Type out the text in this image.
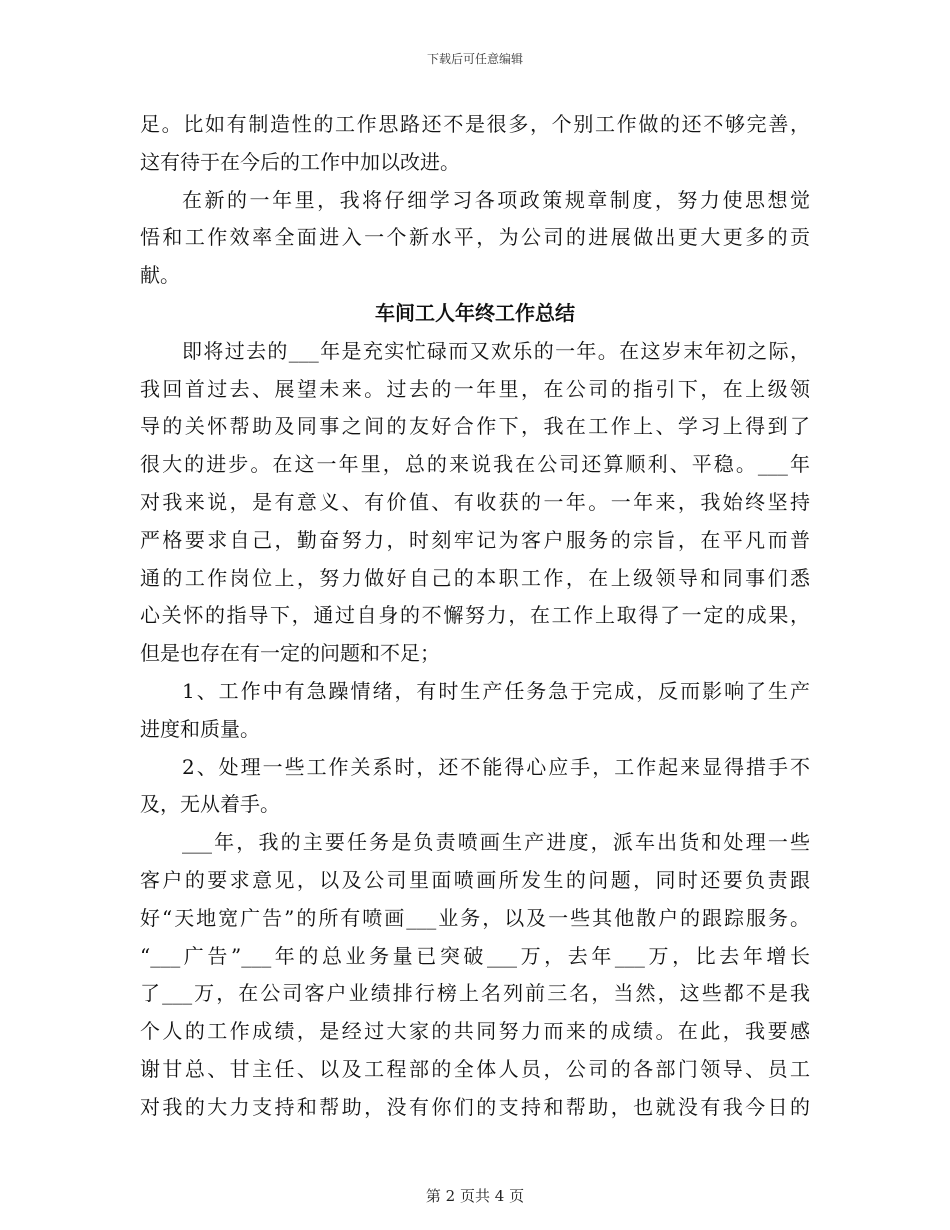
下载后可任意编辑
足。比如有制造性的工作思路还不是很多，个别工作做的还不够完善，
这有待于在今后的工作中加以改进。
在新的一年里，我将仔细学习各项政策规章制度，努力使思想觉
悟和工作效率全面进入一个新水平，为公司的进展做出更大更多的贡
献。
车间工人年终工作总结
即将过去的___年是充实忙碌而又欢乐的一年。在这岁末年初之际，
我回首过去、展望未来。过去的一年里，在公司的指引下，在上级领
导的关怀帮助及同事之间的友好合作下，我在工作上、学习上得到了
很大的进步。在这一年里，总的来说我在公司还算顺利、平稳。___年
对我来说，是有意义、有价值、有收获的一年。一年来，我始终坚持
严格要求自己，勤奋努力，时刻牢记为客户服务的宗旨，在平凡而普
通的工作岗位上，努力做好自己的本职工作，在上级领导和同事们悉
心关怀的指导下，通过自身的不懈努力，在工作上取得了一定的成果，
但是也存在有一定的问题和不足；
1、工作中有急躁情绪，有时生产任务急于完成，反而影响了生产
进度和质量。
2、处理一些工作关系时，还不能得心应手，工作起来显得措手不
及，无从着手。
___年，我的主要任务是负责喷画生产进度，派车出货和处理一些
客户的要求意见，以及公司里面喷画所发生的问题，同时还要负责跟
好“天地宽广告”的所有喷画___业务，以及一些其他散户的跟踪服务。
“___广告”___年的总业务量已突破___万，去年___万，比去年增长
了___万，在公司客户业绩排行榜上名列前三名，当然，这些都不是我
个人的工作成绩，是经过大家的共同努力而来的成绩。在此，我要感
谢甘总、甘主任、以及工程部的全体人员，公司的各部门领导、员工
对我的大力支持和帮助，没有你们的支持和帮助，也就没有我今日的
第 2 页共 4 页
